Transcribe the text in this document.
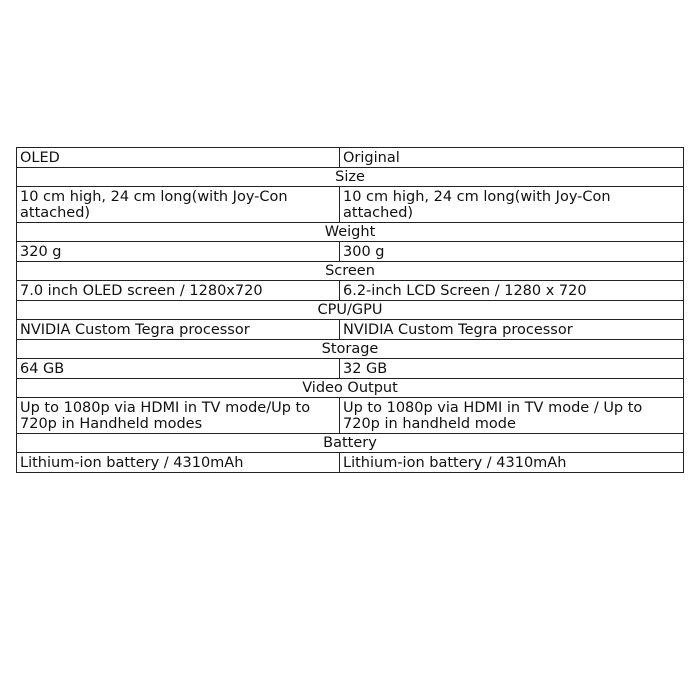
OLED	Original
Size	
10 cm high, 24 cm long(with Joy-Con attached)	10 cm high, 24 cm long(with Joy-Con attached)
Weight	
320 g	300 g
Screen	
7.0 inch OLED screen / 1280x720	6.2-inch LCD Screen / 1280 x 720
CPU/GPU	
NVIDIA Custom Tegra processor	NVIDIA Custom Tegra processor
Storage	
64 GB	32 GB
Video Output	
Up to 1080p via HDMI in TV mode/Up to 720p in Handheld modes	Up to 1080p via HDMI in TV mode / Up to 720p in handheld mode
Battery	
Lithium-ion battery / 4310mAh	Lithium-ion battery / 4310mAh
